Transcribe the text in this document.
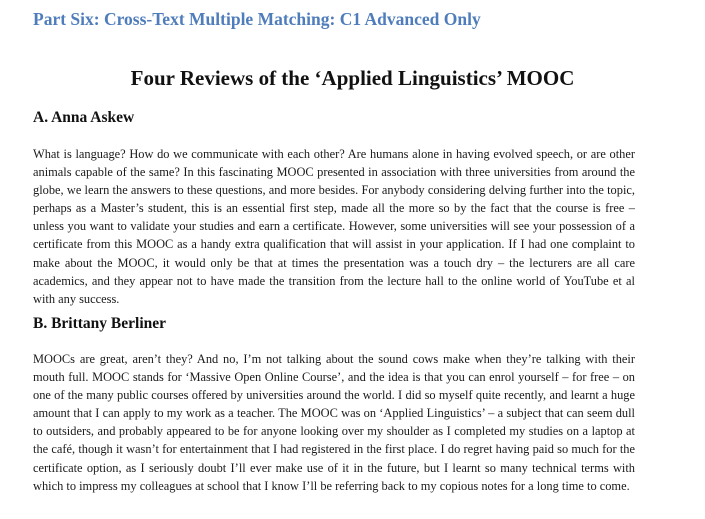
Part Six: Cross-Text Multiple Matching: C1 Advanced Only
Four Reviews of the ‘Applied Linguistics’ MOOC
A. Anna Askew
What is language? How do we communicate with each other? Are humans alone in having evolved speech, or are other animals capable of the same? In this fascinating MOOC presented in association with three universities from around the globe, we learn the answers to these questions, and more besides. For anybody considering delving further into the topic, perhaps as a Master’s student, this is an essential first step, made all the more so by the fact that the course is free – unless you want to validate your studies and earn a certificate. However, some universities will see your possession of a certificate from this MOOC as a handy extra qualification that will assist in your application. If I had one complaint to make about the MOOC, it would only be that at times the presentation was a touch dry – the lecturers are all care academics, and they appear not to have made the transition from the lecture hall to the online world of YouTube et al with any success.
B. Brittany Berliner
MOOCs are great, aren’t they? And no, I’m not talking about the sound cows make when they’re talking with their mouth full. MOOC stands for ‘Massive Open Online Course’, and the idea is that you can enrol yourself – for free – on one of the many public courses offered by universities around the world. I did so myself quite recently, and learnt a huge amount that I can apply to my work as a teacher. The MOOC was on ‘Applied Linguistics’ – a subject that can seem dull to outsiders, and probably appeared to be for anyone looking over my shoulder as I completed my studies on a laptop at the café, though it wasn’t for entertainment that I had registered in the first place. I do regret having paid so much for the certificate option, as I seriously doubt I’ll ever make use of it in the future, but I learnt so many technical terms with which to impress my colleagues at school that I know I’ll be referring back to my copious notes for a long time to come.
